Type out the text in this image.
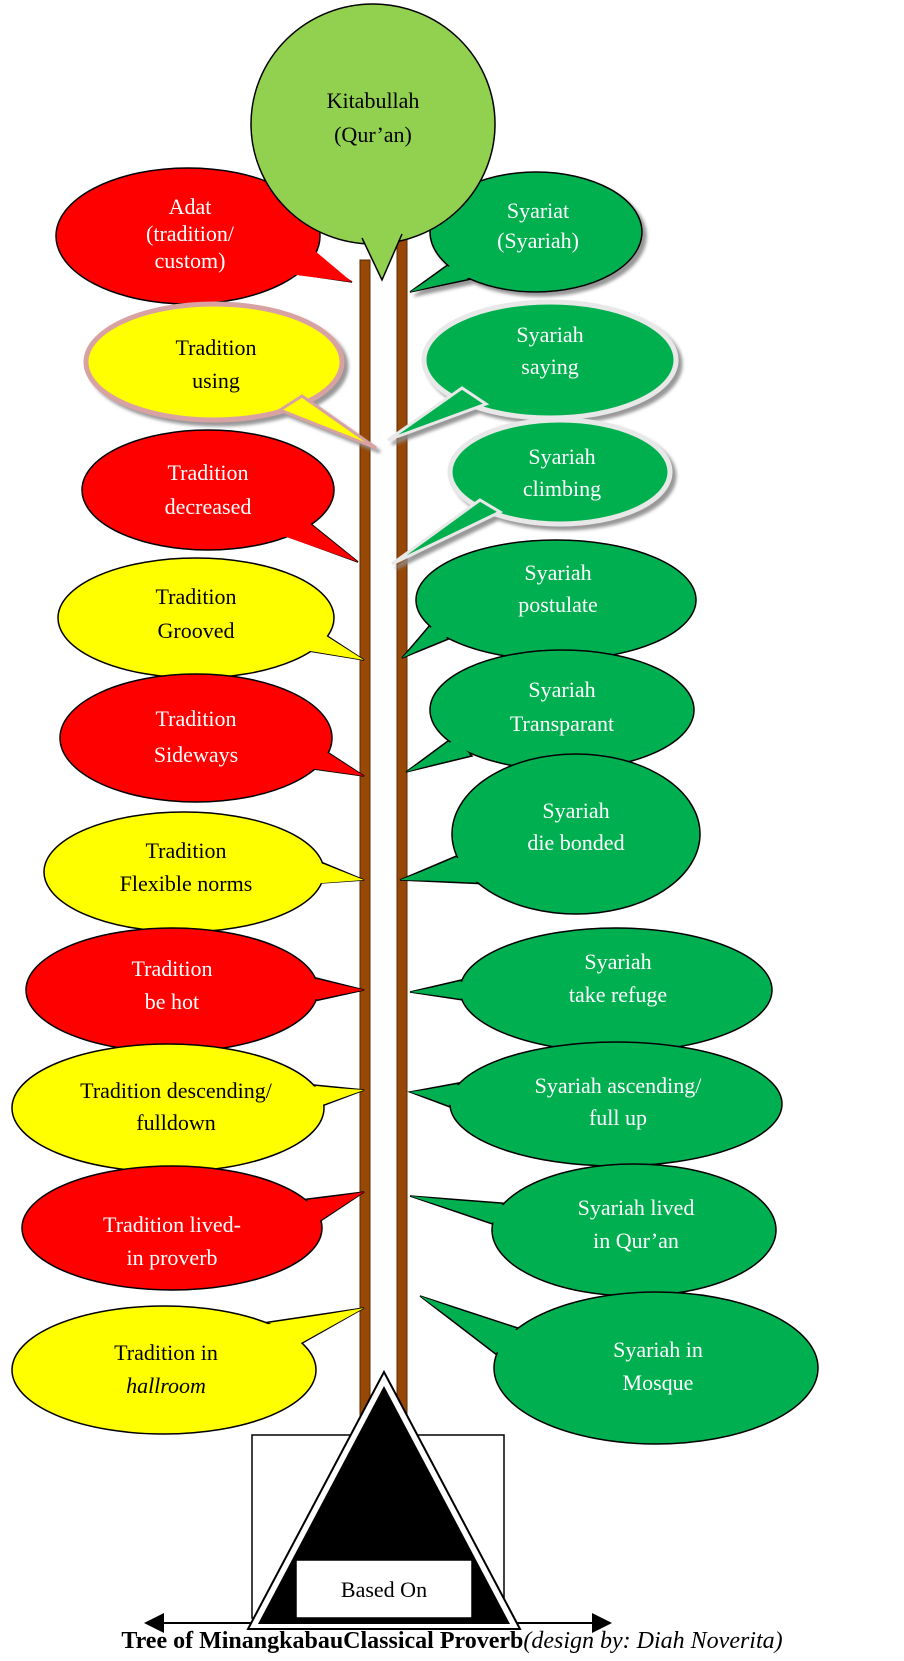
Adat
(tradition/
custom)
Tradition
using
Tradition
decreased
Tradition
Grooved
Tradition
Sideways
Tradition
Flexible norms
Tradition
be hot
Tradition descending/
fulldown
Tradition lived-
in proverb
Tradition in
hallroom
Syariat
(Syariah)
Syariah
saying
Syariah
climbing
Syariah
postulate
Syariah
Transparant
Syariah
die bonded
Syariah
take refuge
Syariah ascending/
full up
Syariah lived
in Qur’an
Syariah in
Mosque
Kitabullah
(Qur’an)
Based On
Tree of MinangkabauClassical Proverb(design by: Diah Noverita)
